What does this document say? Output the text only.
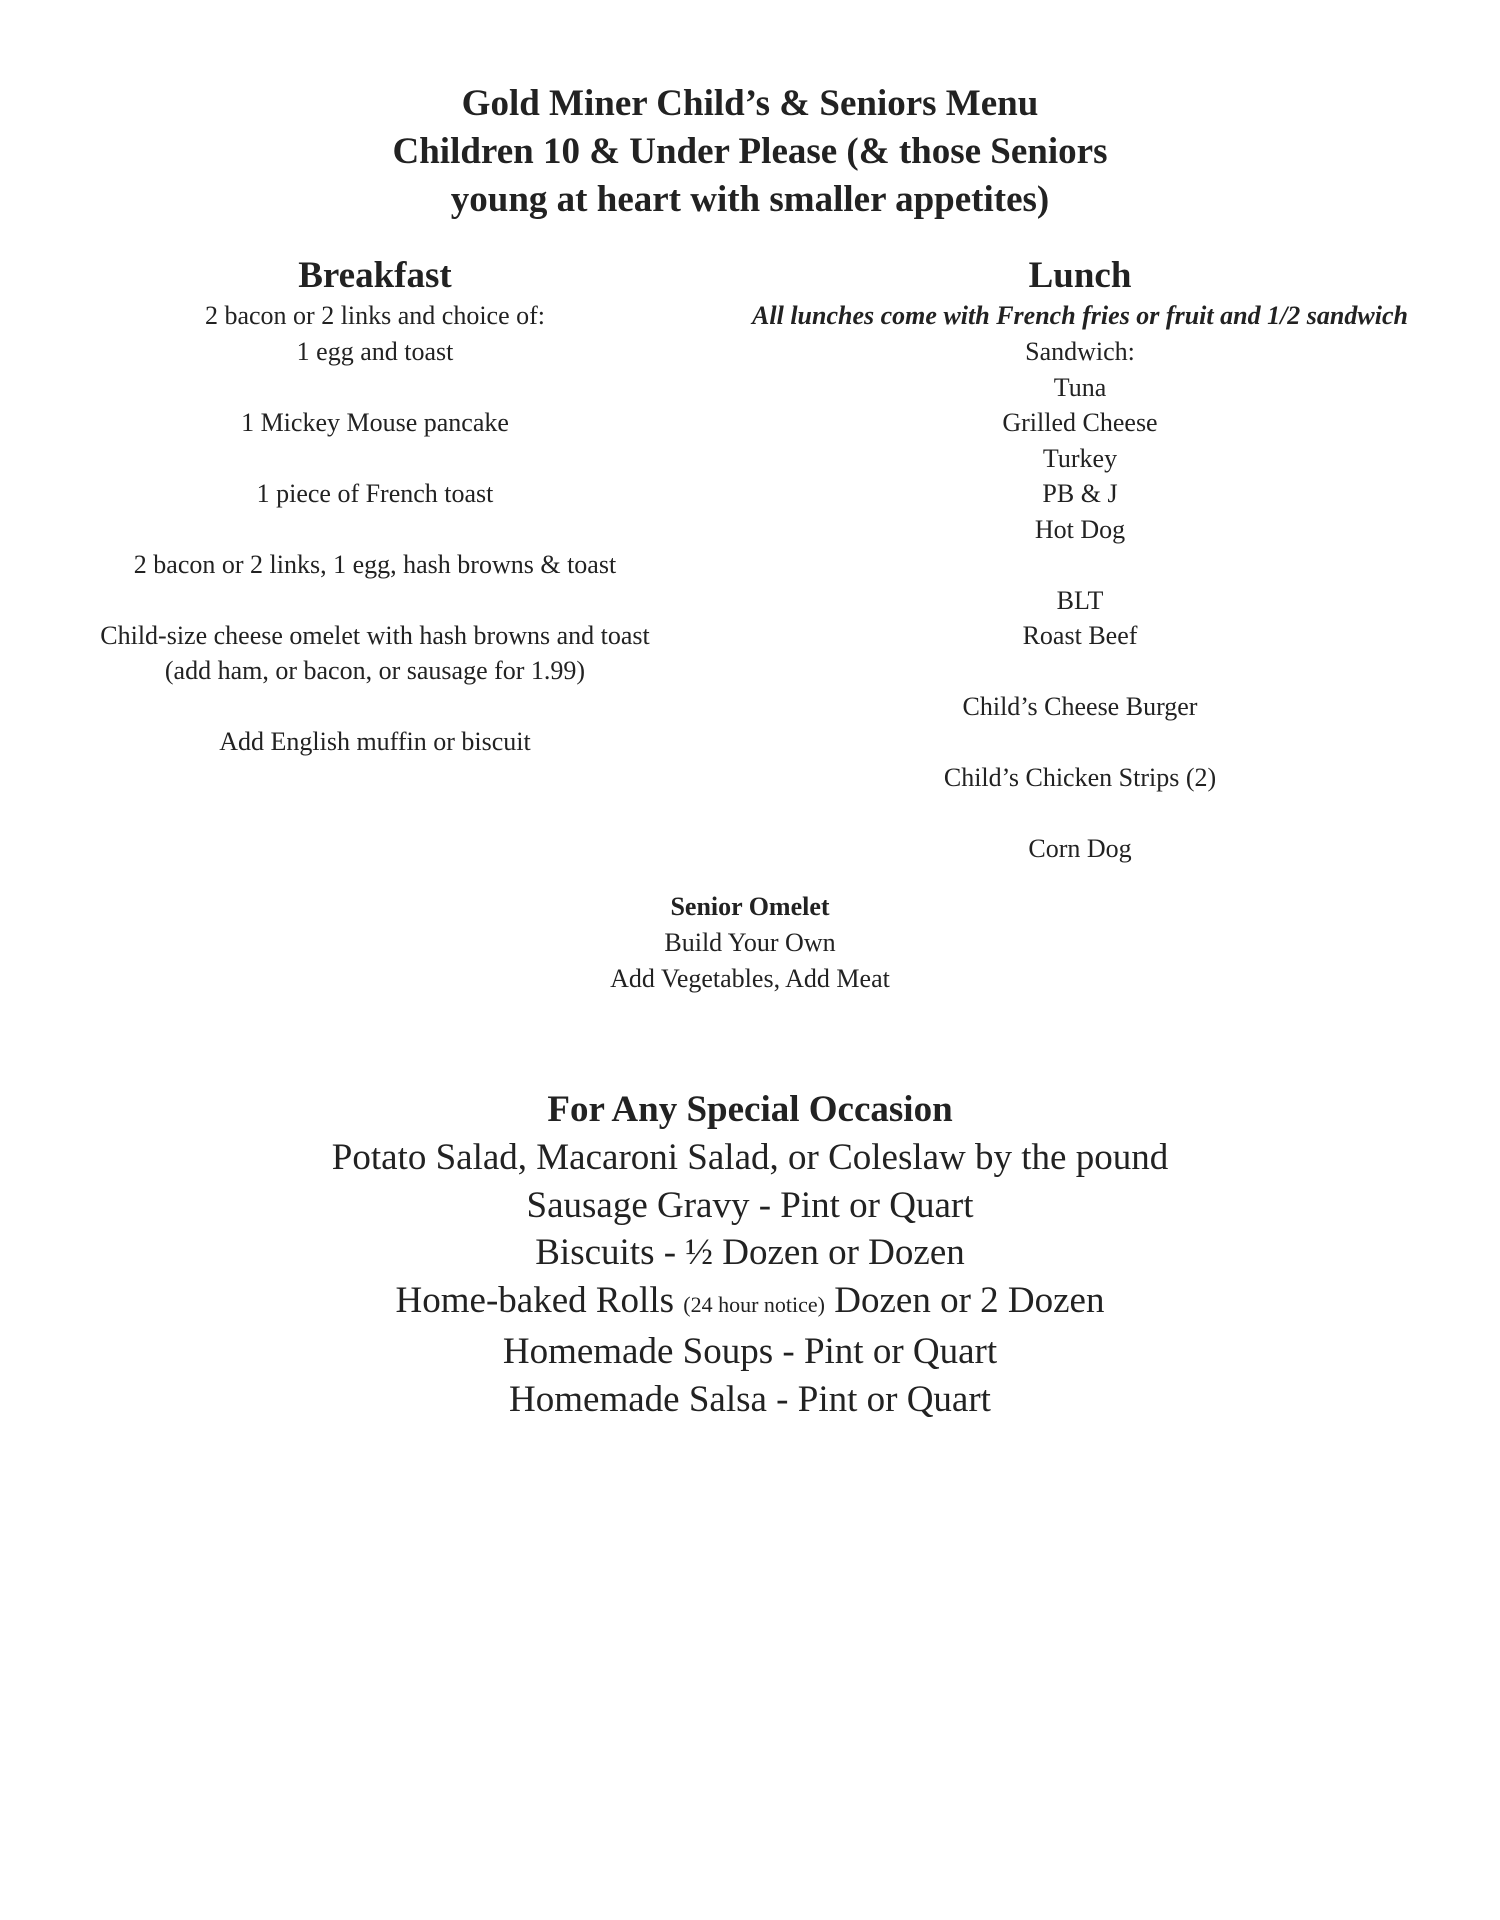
Gold Miner Child’s & Seniors Menu
Children 10 & Under Please (& those Seniors
young at heart with smaller appetites)
Breakfast
2 bacon or 2 links and choice of:
1 egg and toast
1 Mickey Mouse pancake
1 piece of French toast
2 bacon or 2 links, 1 egg, hash browns & toast
Child-size cheese omelet with hash browns and toast
(add ham, or bacon, or sausage for 1.99)
Add English muffin or biscuit
Lunch
All lunches come with French fries or fruit and 1/2 sandwich
Sandwich:
Tuna
Grilled Cheese
Turkey
PB & J
Hot Dog
BLT
Roast Beef
Child’s Cheese Burger
Child’s Chicken Strips (2)
Corn Dog
Senior Omelet
Build Your Own
Add Vegetables, Add Meat
For Any Special Occasion
Potato Salad, Macaroni Salad, or Coleslaw by the pound
Sausage Gravy - Pint or Quart
Biscuits - ½ Dozen or Dozen
Home-baked Rolls (24 hour notice) Dozen or 2 Dozen
Homemade Soups - Pint or Quart
Homemade Salsa - Pint or Quart
